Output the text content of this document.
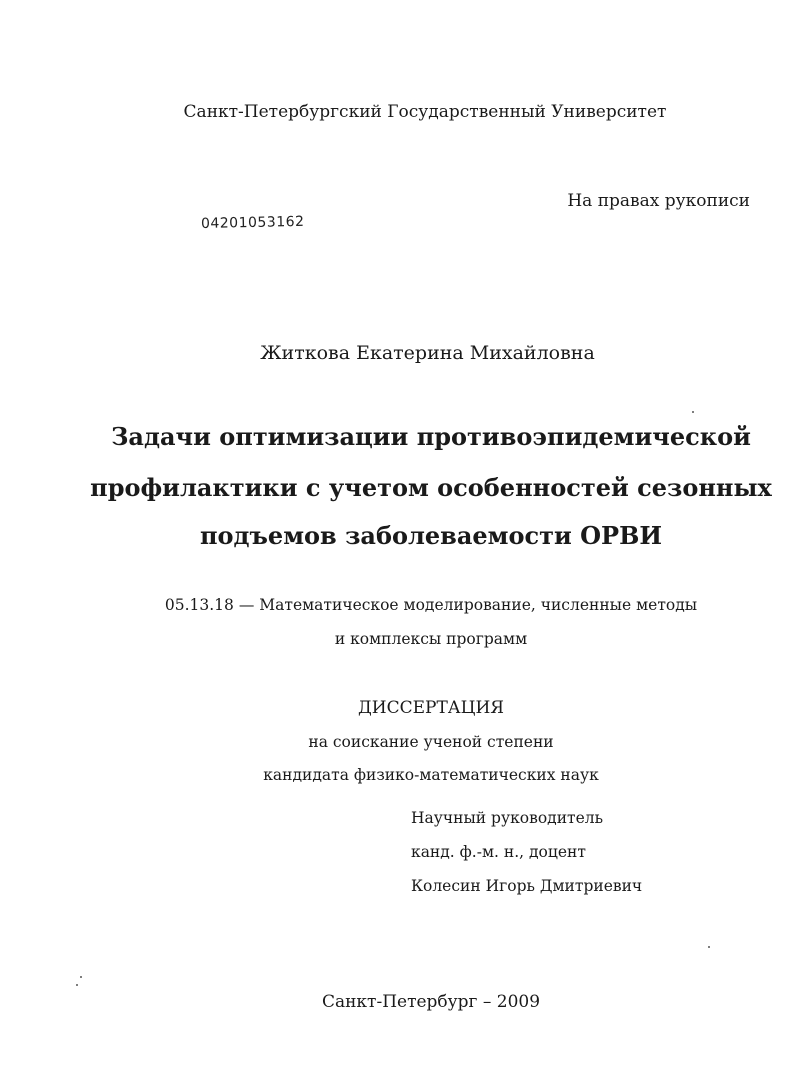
Санкт-Петербургский Государственный Университет
На правах рукописи
04201053162
Житкова Екатерина Михайловна
Задачи оптимизации противоэпидемической
профилактики с учетом особенностей сезонных
подъемов заболеваемости ОРВИ
05.13.18 — Математическое моделирование, численные методы
и комплексы программ
ДИССЕРТАЦИЯ
на соискание ученой степени
кандидата физико-математических наук
Научный руководитель
канд. ф.-м. н., доцент
Колесин Игорь Дмитриевич
Санкт-Петербург – 2009
